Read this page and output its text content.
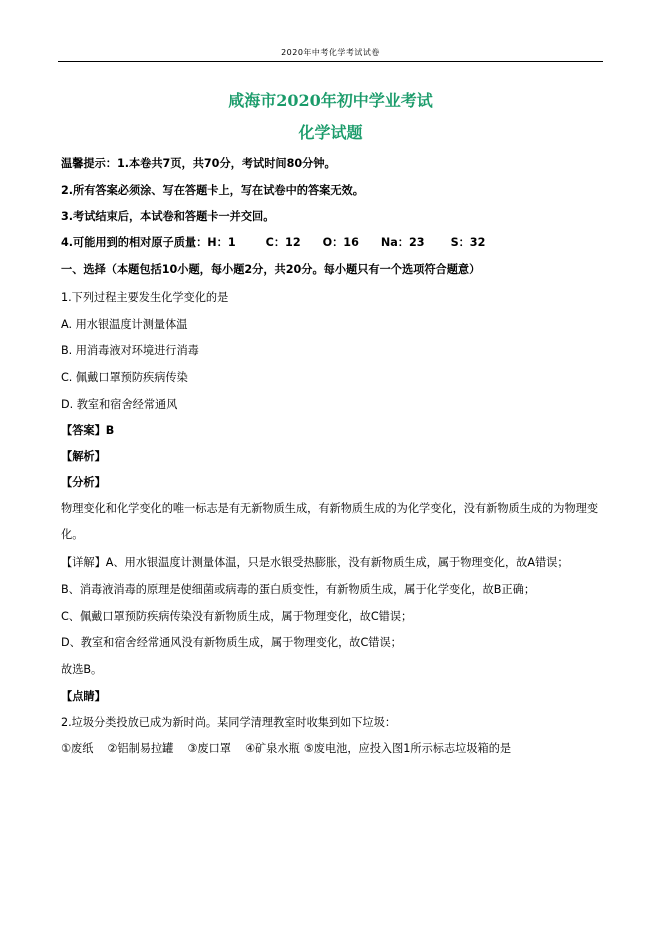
2020年中考化学考试试卷
咸海市2020年初中学业考试
化学试题
温馨提示：1.本卷共7页，共70分，考试时间80分钟。
2.所有答案必须涂、写在答题卡上，写在试卷中的答案无效。
3.考试结束后，本试卷和答题卡一并交回。
4.可能用到的相对原子质量：H：1	C：12 O：16 Na：23 S：32
一、选择（本题包括10小题，每小题2分，共20分。每小题只有一个选项符合题意）
1.下列过程主要发生化学变化的是
A. 用水银温度计测量体温
B. 用消毒液对环境进行消毒
C. 佩戴口罩预防疾病传染
D. 教室和宿舍经常通风
【答案】B
【解析】
【分析】
物理变化和化学变化的唯一标志是有无新物质生成，有新物质生成的为化学变化，没有新物质生成的为物理变化。
【详解】A、用水银温度计测量体温，只是水银受热膨胀，没有新物质生成，属于物理变化，故A错误；
B、消毒液消毒的原理是使细菌或病毒的蛋白质变性，有新物质生成，属于化学变化，故B正确；
C、佩戴口罩预防疾病传染没有新物质生成，属于物理变化，故C错误；
D、教室和宿舍经常通风没有新物质生成，属于物理变化，故C错误；
故选B。
【点睛】
2.垃圾分类投放已成为新时尚。某同学清理教室时收集到如下垃圾：
①废纸 ②铝制易拉罐 ③废口罩 ④矿泉水瓶 ⑤废电池，应投入图1所示标志垃圾箱的是
